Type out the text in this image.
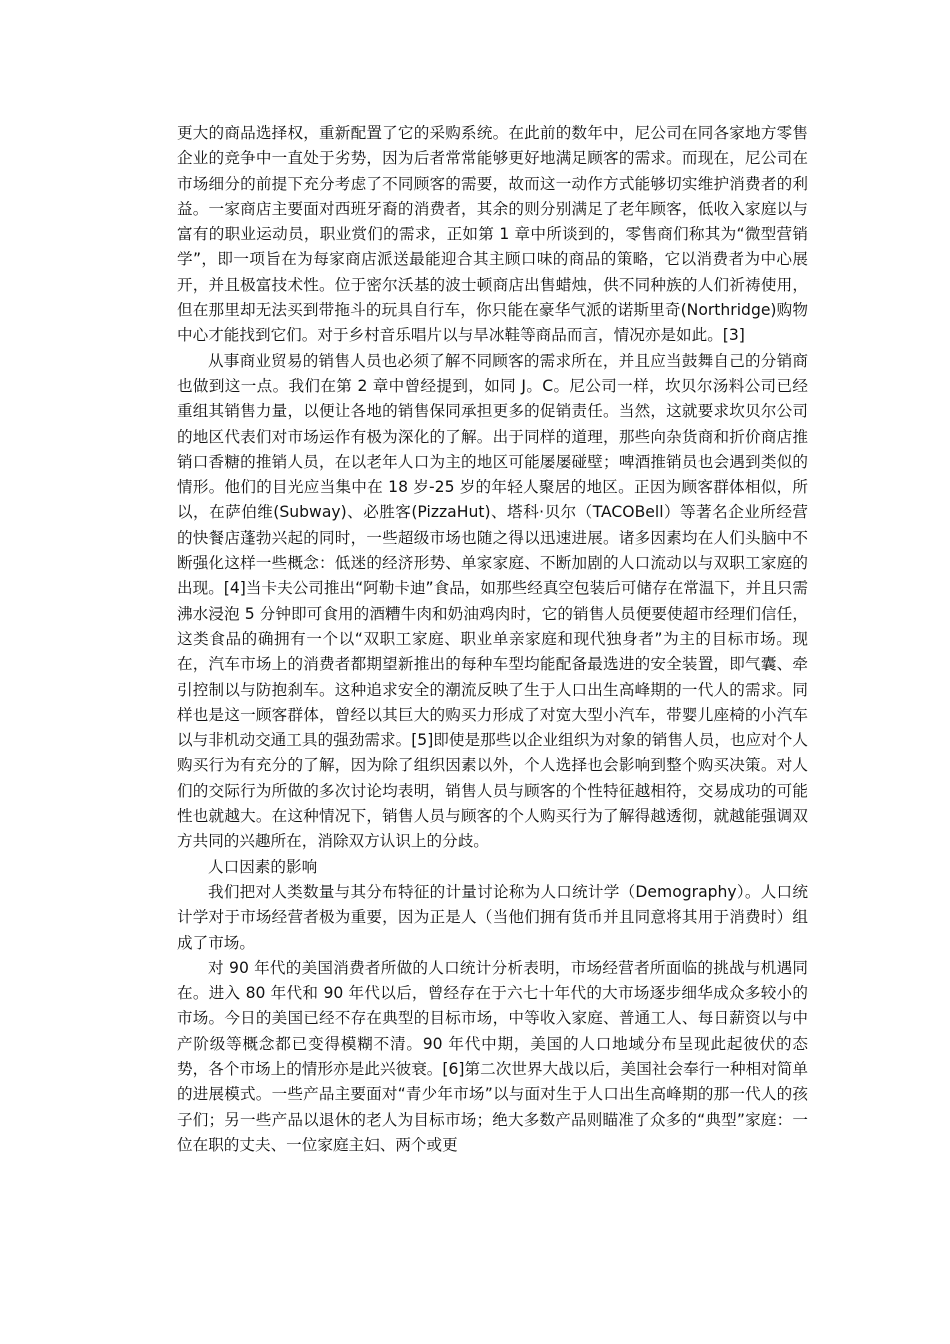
更大的商品选择权，重新配置了它的采购系统。在此前的数年中，尼公司在同各家地方零售企业的竞争中一直处于劣势，因为后者常常能够更好地满足顾客的需求。而现在，尼公司在市场细分的前提下充分考虑了不同顾客的需要，故而这一动作方式能够切实维护消费者的利益。一家商店主要面对西班牙裔的消费者，其余的则分别满足了老年顾客，低收入家庭以与富有的职业运动员，职业赏们的需求，正如第 1 章中所谈到的，零售商们称其为“微型营销学”，即一项旨在为每家商店派送最能迎合其主顾口味的商品的策略，它以消费者为中心展开，并且极富技术性。位于密尔沃基的波士顿商店出售蜡烛，供不同种族的人们祈祷使用，但在那里却无法买到带拖斗的玩具自行车，你只能在豪华气派的诺斯里奇(Northridge)购物中心才能找到它们。对于乡村音乐唱片以与旱冰鞋等商品而言，情况亦是如此。[3]

从事商业贸易的销售人员也必须了解不同顾客的需求所在，并且应当鼓舞自己的分销商也做到这一点。我们在第 2 章中曾经提到，如同 J。C。尼公司一样，坎贝尔汤料公司已经重组其销售力量，以便让各地的销售保同承担更多的促销责任。当然，这就要求坎贝尔公司的地区代表们对市场运作有极为深化的了解。出于同样的道理，那些向杂货商和折价商店推销口香糖的推销人员，在以老年人口为主的地区可能屡屡碰壁；啤酒推销员也会遇到类似的情形。他们的目光应当集中在 18 岁-25 岁的年轻人聚居的地区。正因为顾客群体相似，所以，在萨伯维(Subway)、必胜客(PizzaHut)、塔科·贝尔（TACOBell）等著名企业所经营的快餐店蓬勃兴起的同时，一些超级市场也随之得以迅速进展。诸多因素均在人们头脑中不断强化这样一些概念：低迷的经济形势、单家家庭、不断加剧的人口流动以与双职工家庭的出现。[4]当卡夫公司推出“阿勒卡迪”食品，如那些经真空包装后可储存在常温下，并且只需沸水浸泡 5 分钟即可食用的酒糟牛肉和奶油鸡肉时，它的销售人员便要使超市经理们信任，这类食品的确拥有一个以“双职工家庭、职业单亲家庭和现代独身者”为主的目标市场。现在，汽车市场上的消费者都期望新推出的每种车型均能配备最选进的安全装置，即气囊、牵引控制以与防抱刹车。这种追求安全的潮流反映了生于人口出生高峰期的一代人的需求。同样也是这一顾客群体，曾经以其巨大的购买力形成了对宽大型小汽车，带婴儿座椅的小汽车以与非机动交通工具的强劲需求。[5]即使是那些以企业组织为对象的销售人员，也应对个人购买行为有充分的了解，因为除了组织因素以外，个人选择也会影响到整个购买决策。对人们的交际行为所做的多次讨论均表明，销售人员与顾客的个性特征越相符，交易成功的可能性也就越大。在这种情况下，销售人员与顾客的个人购买行为了解得越透彻，就越能强调双方共同的兴趣所在，消除双方认识上的分歧。

人口因素的影响

我们把对人类数量与其分布特征的计量讨论称为人口统计学（Demography）。人口统计学对于市场经营者极为重要，因为正是人（当他们拥有货币并且同意将其用于消费时）组成了市场。

对 90 年代的美国消费者所做的人口统计分析表明，市场经营者所面临的挑战与机遇同在。进入 80 年代和 90 年代以后，曾经存在于六七十年代的大市场逐步细华成众多较小的市场。今日的美国已经不存在典型的目标市场，中等收入家庭、普通工人、每日薪资以与中产阶级等概念都已变得模糊不清。90 年代中期，美国的人口地域分布呈现此起彼伏的态势，各个市场上的情形亦是此兴彼衰。[6]第二次世界大战以后，美国社会奉行一种相对简单的进展模式。一些产品主要面对“青少年市场”以与面对生于人口出生高峰期的那一代人的孩子们；另一些产品以退休的老人为目标市场；绝大多数产品则瞄准了众多的“典型”家庭：一位在职的丈夫、一位家庭主妇、两个或更
